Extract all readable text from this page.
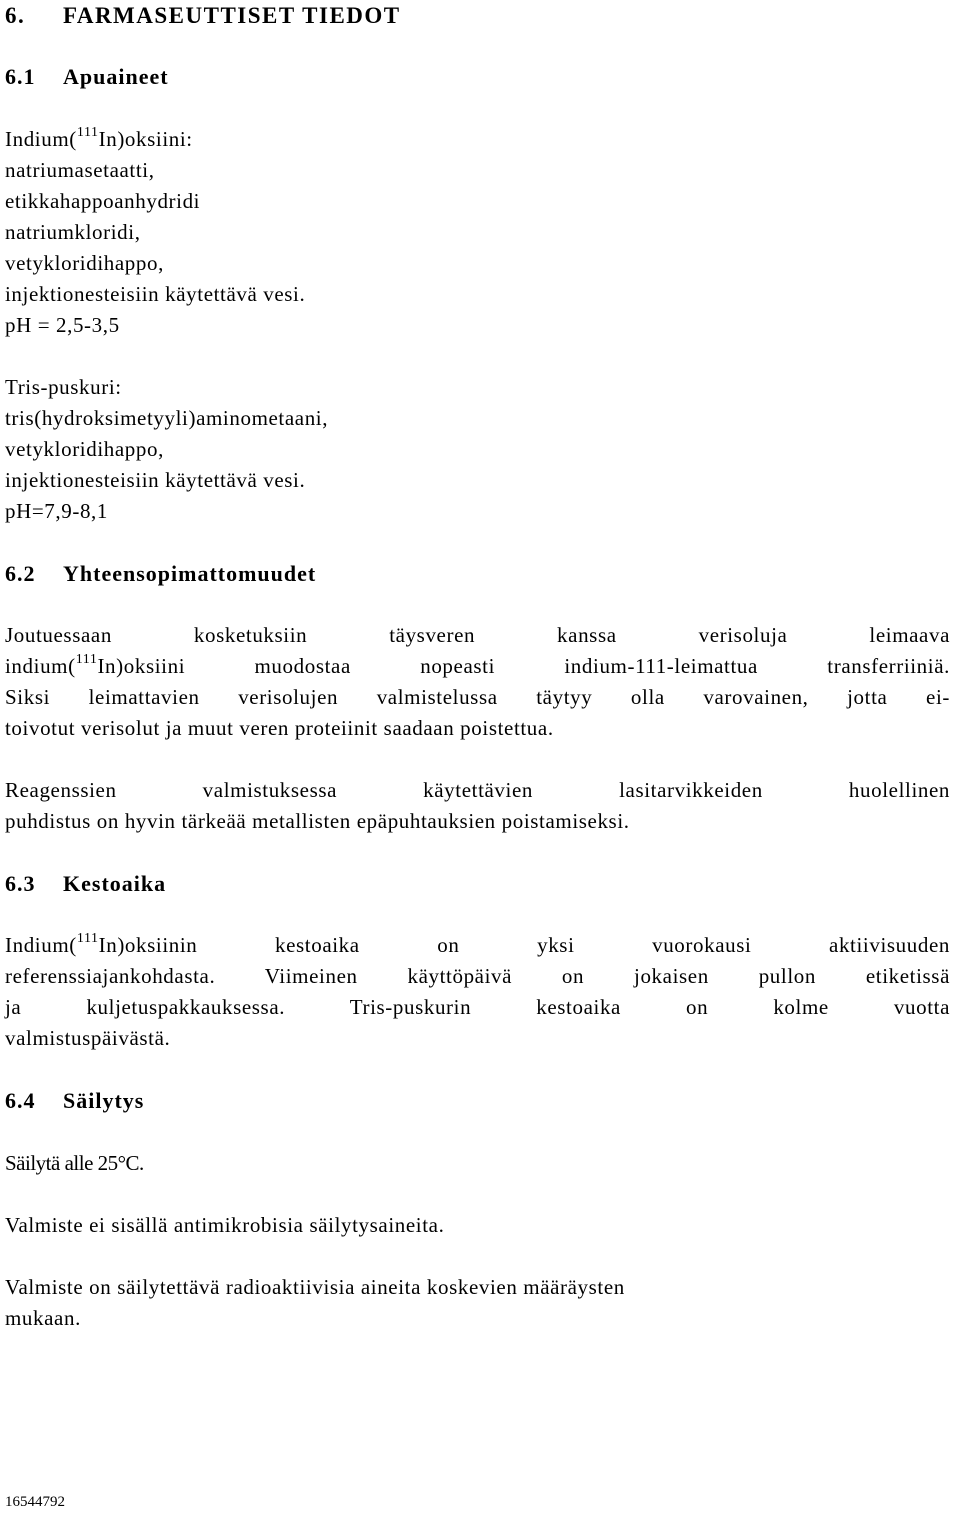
6. FARMASEUTTISET TIEDOT
6.1 Apuaineet
Indium($^{111}$In)oksiini:
natriumasetaatti,
etikkahappoanhydridi
natriumkloridi,
vetykloridihappo,
injektionesteisiin käytettävä vesi.
pH = 2,5-3,5
Tris-puskuri:
tris(hydroksimetyyli)aminometaani,
vetykloridihappo,
injektionesteisiin käytettävä vesi.
pH=7,9-8,1
6.2 Yhteensopimattomuudet
Joutuessaan kosketuksiin täysveren kanssa verisoluja leimaava
indium($^{111}$In)oksiini muodostaa nopeasti indium-111-leimattua transferriiniä.
Siksi leimattavien verisolujen valmistelussa täytyy olla varovainen, jotta ei-
toivotut verisolut ja muut veren proteiinit saadaan poistettua.
Reagenssien valmistuksessa käytettävien lasitarvikkeiden huolellinen
puhdistus on hyvin tärkeää metallisten epäpuhtauksien poistamiseksi.
6.3 Kestoaika
Indium($^{111}$In)oksiinin kestoaika on yksi vuorokausi aktiivisuuden
referenssiajankohdasta. Viimeinen käyttöpäivä on jokaisen pullon etiketissä
ja kuljetuspakkauksessa. Tris-puskurin kestoaika on kolme vuotta
valmistuspäivästä.
6.4 Säilytys
Säilytä alle 25°C.
Valmiste ei sisällä antimikrobisia säilytysaineita.
Valmiste on säilytettävä radioaktiivisia aineita koskevien määräysten
mukaan.
16544792
